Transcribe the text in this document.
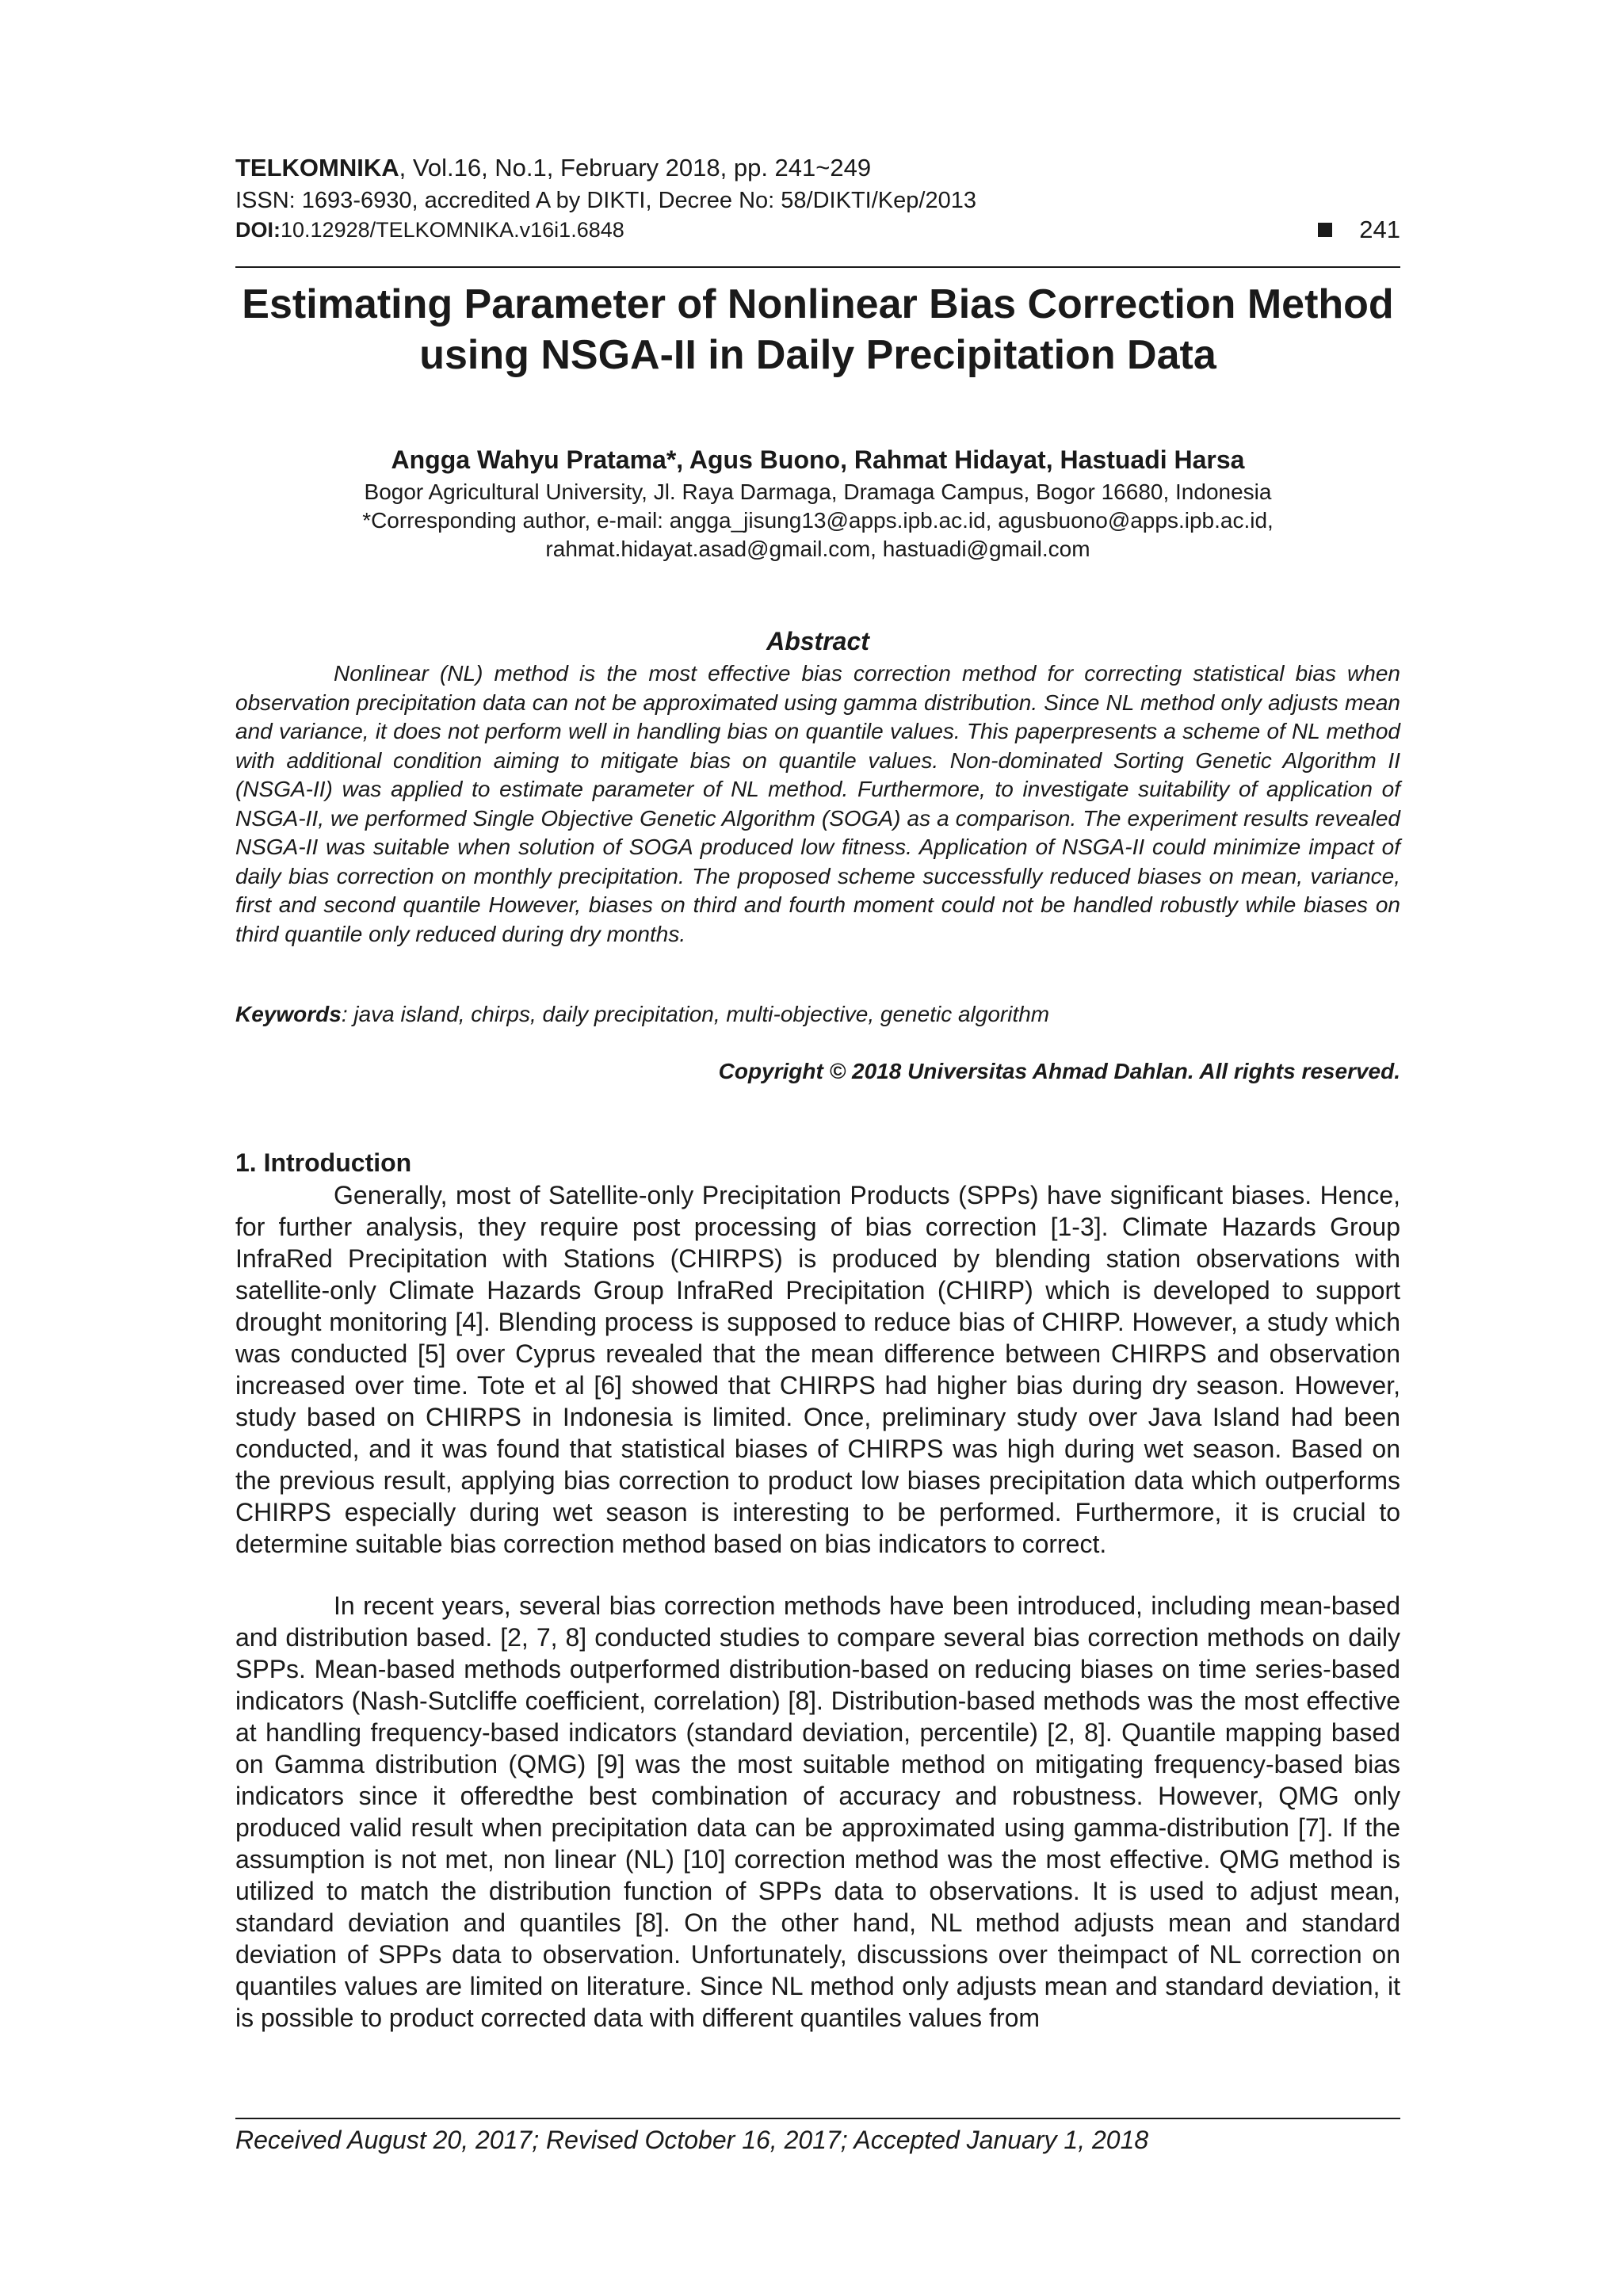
TELKOMNIKA, Vol.16, No.1, February 2018, pp. 241~249
ISSN: 1693-6930, accredited A by DIKTI, Decree No: 58/DIKTI/Kep/2013
DOI:10.12928/TELKOMNIKA.v16i1.6848	241
Estimating Parameter of Nonlinear Bias Correction Method using NSGA-II in Daily Precipitation Data
Angga Wahyu Pratama*, Agus Buono, Rahmat Hidayat, Hastuadi Harsa
Bogor Agricultural University, Jl. Raya Darmaga, Dramaga Campus, Bogor 16680, Indonesia
*Corresponding author, e-mail: angga_jisung13@apps.ipb.ac.id, agusbuono@apps.ipb.ac.id,
rahmat.hidayat.asad@gmail.com, hastuadi@gmail.com
Abstract

Nonlinear (NL) method is the most effective bias correction method for correcting statistical bias when observation precipitation data can not be approximated using gamma distribution. Since NL method only adjusts mean and variance, it does not perform well in handling bias on quantile values. This paperpresents a scheme of NL method with additional condition aiming to mitigate bias on quantile values. Non-dominated Sorting Genetic Algorithm II (NSGA-II) was applied to estimate parameter of NL method. Furthermore, to investigate suitability of application of NSGA-II, we performed Single Objective Genetic Algorithm (SOGA) as a comparison. The experiment results revealed NSGA-II was suitable when solution of SOGA produced low fitness. Application of NSGA-II could minimize impact of daily bias correction on monthly precipitation. The proposed scheme successfully reduced biases on mean, variance, first and second quantile However, biases on third and fourth moment could not be handled robustly while biases on third quantile only reduced during dry months.

Keywords: java island, chirps, daily precipitation, multi-objective, genetic algorithm
Copyright © 2018 Universitas Ahmad Dahlan. All rights reserved.
1. Introduction

Generally, most of Satellite-only Precipitation Products (SPPs) have significant biases. Hence, for further analysis, they require post processing of bias correction [1-3]. Climate Hazards Group InfraRed Precipitation with Stations (CHIRPS) is produced by blending station observations with satellite-only Climate Hazards Group InfraRed Precipitation (CHIRP) which is developed to support drought monitoring [4]. Blending process is supposed to reduce bias of CHIRP. However, a study which was conducted [5] over Cyprus revealed that the mean difference between CHIRPS and observation increased over time. Tote et al [6] showed that CHIRPS had higher bias during dry season. However, study based on CHIRPS in Indonesia is limited. Once, preliminary study over Java Island had been conducted, and it was found that statistical biases of CHIRPS was high during wet season. Based on the previous result, applying bias correction to product low biases precipitation data which outperforms CHIRPS especially during wet season is interesting to be performed. Furthermore, it is crucial to determine suitable bias correction method based on bias indicators to correct.

In recent years, several bias correction methods have been introduced, including mean-based and distribution based. [2, 7, 8] conducted studies to compare several bias correction methods on daily SPPs. Mean-based methods outperformed distribution-based on reducing biases on time series-based indicators (Nash-Sutcliffe coefficient, correlation) [8]. Distribution-based methods was the most effective at handling frequency-based indicators (standard deviation, percentile) [2, 8]. Quantile mapping based on Gamma distribution (QMG) [9] was the most suitable method on mitigating frequency-based bias indicators since it offeredthe best combination of accuracy and robustness. However, QMG only produced valid result when precipitation data can be approximated using gamma-distribution [7]. If the assumption is not met, non linear (NL) [10] correction method was the most effective. QMG method is utilized to match the distribution function of SPPs data to observations. It is used to adjust mean, standard deviation and quantiles [8]. On the other hand, NL method adjusts mean and standard deviation of SPPs data to observation. Unfortunately, discussions over theimpact of NL correction on quantiles values are limited on literature. Since NL method only adjusts mean and standard deviation, it is possible to product corrected data with different quantiles values from

Received August 20, 2017; Revised October 16, 2017; Accepted January 1, 2018
